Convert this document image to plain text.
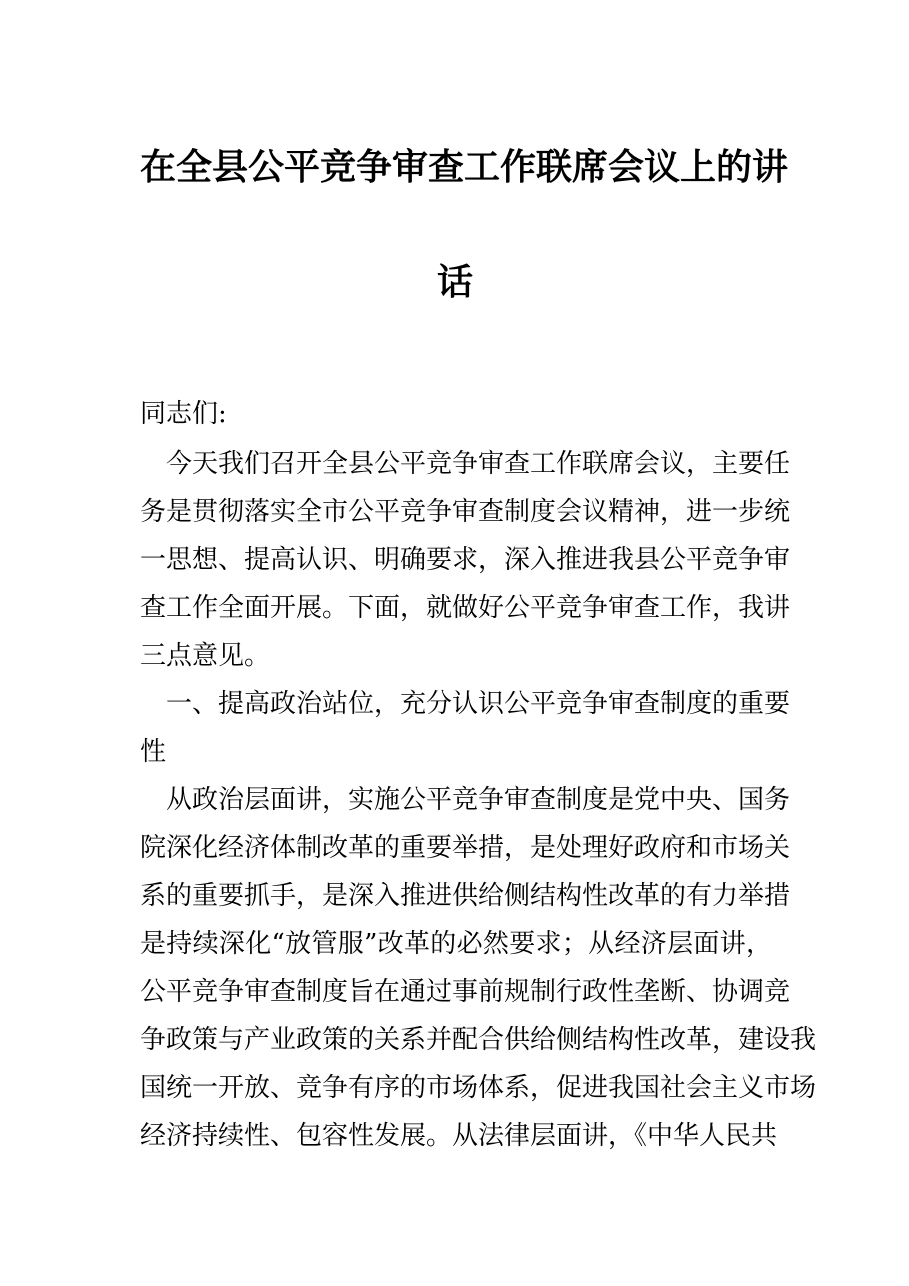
在全县公平竞争审查工作联席会议上的讲
话
同志们:
　今天我们召开全县公平竞争审查工作联席会议，主要任
务是贯彻落实全市公平竞争审查制度会议精神，进一步统
一思想、提高认识、明确要求，深入推进我县公平竞争审
查工作全面开展。下面，就做好公平竞争审查工作，我讲
三点意见。
　一、提高政治站位，充分认识公平竞争审查制度的重要
性
　从政治层面讲，实施公平竞争审查制度是党中央、国务
院深化经济体制改革的重要举措，是处理好政府和市场关
系的重要抓手，是深入推进供给侧结构性改革的有力举措
是持续深化“放管服”改革的必然要求；从经济层面讲，
公平竞争审查制度旨在通过事前规制行政性垄断、协调竞
争政策与产业政策的关系并配合供给侧结构性改革，建设我
国统一开放、竞争有序的市场体系，促进我国社会主义市场
经济持续性、包容性发展。从法律层面讲，《中华人民共
